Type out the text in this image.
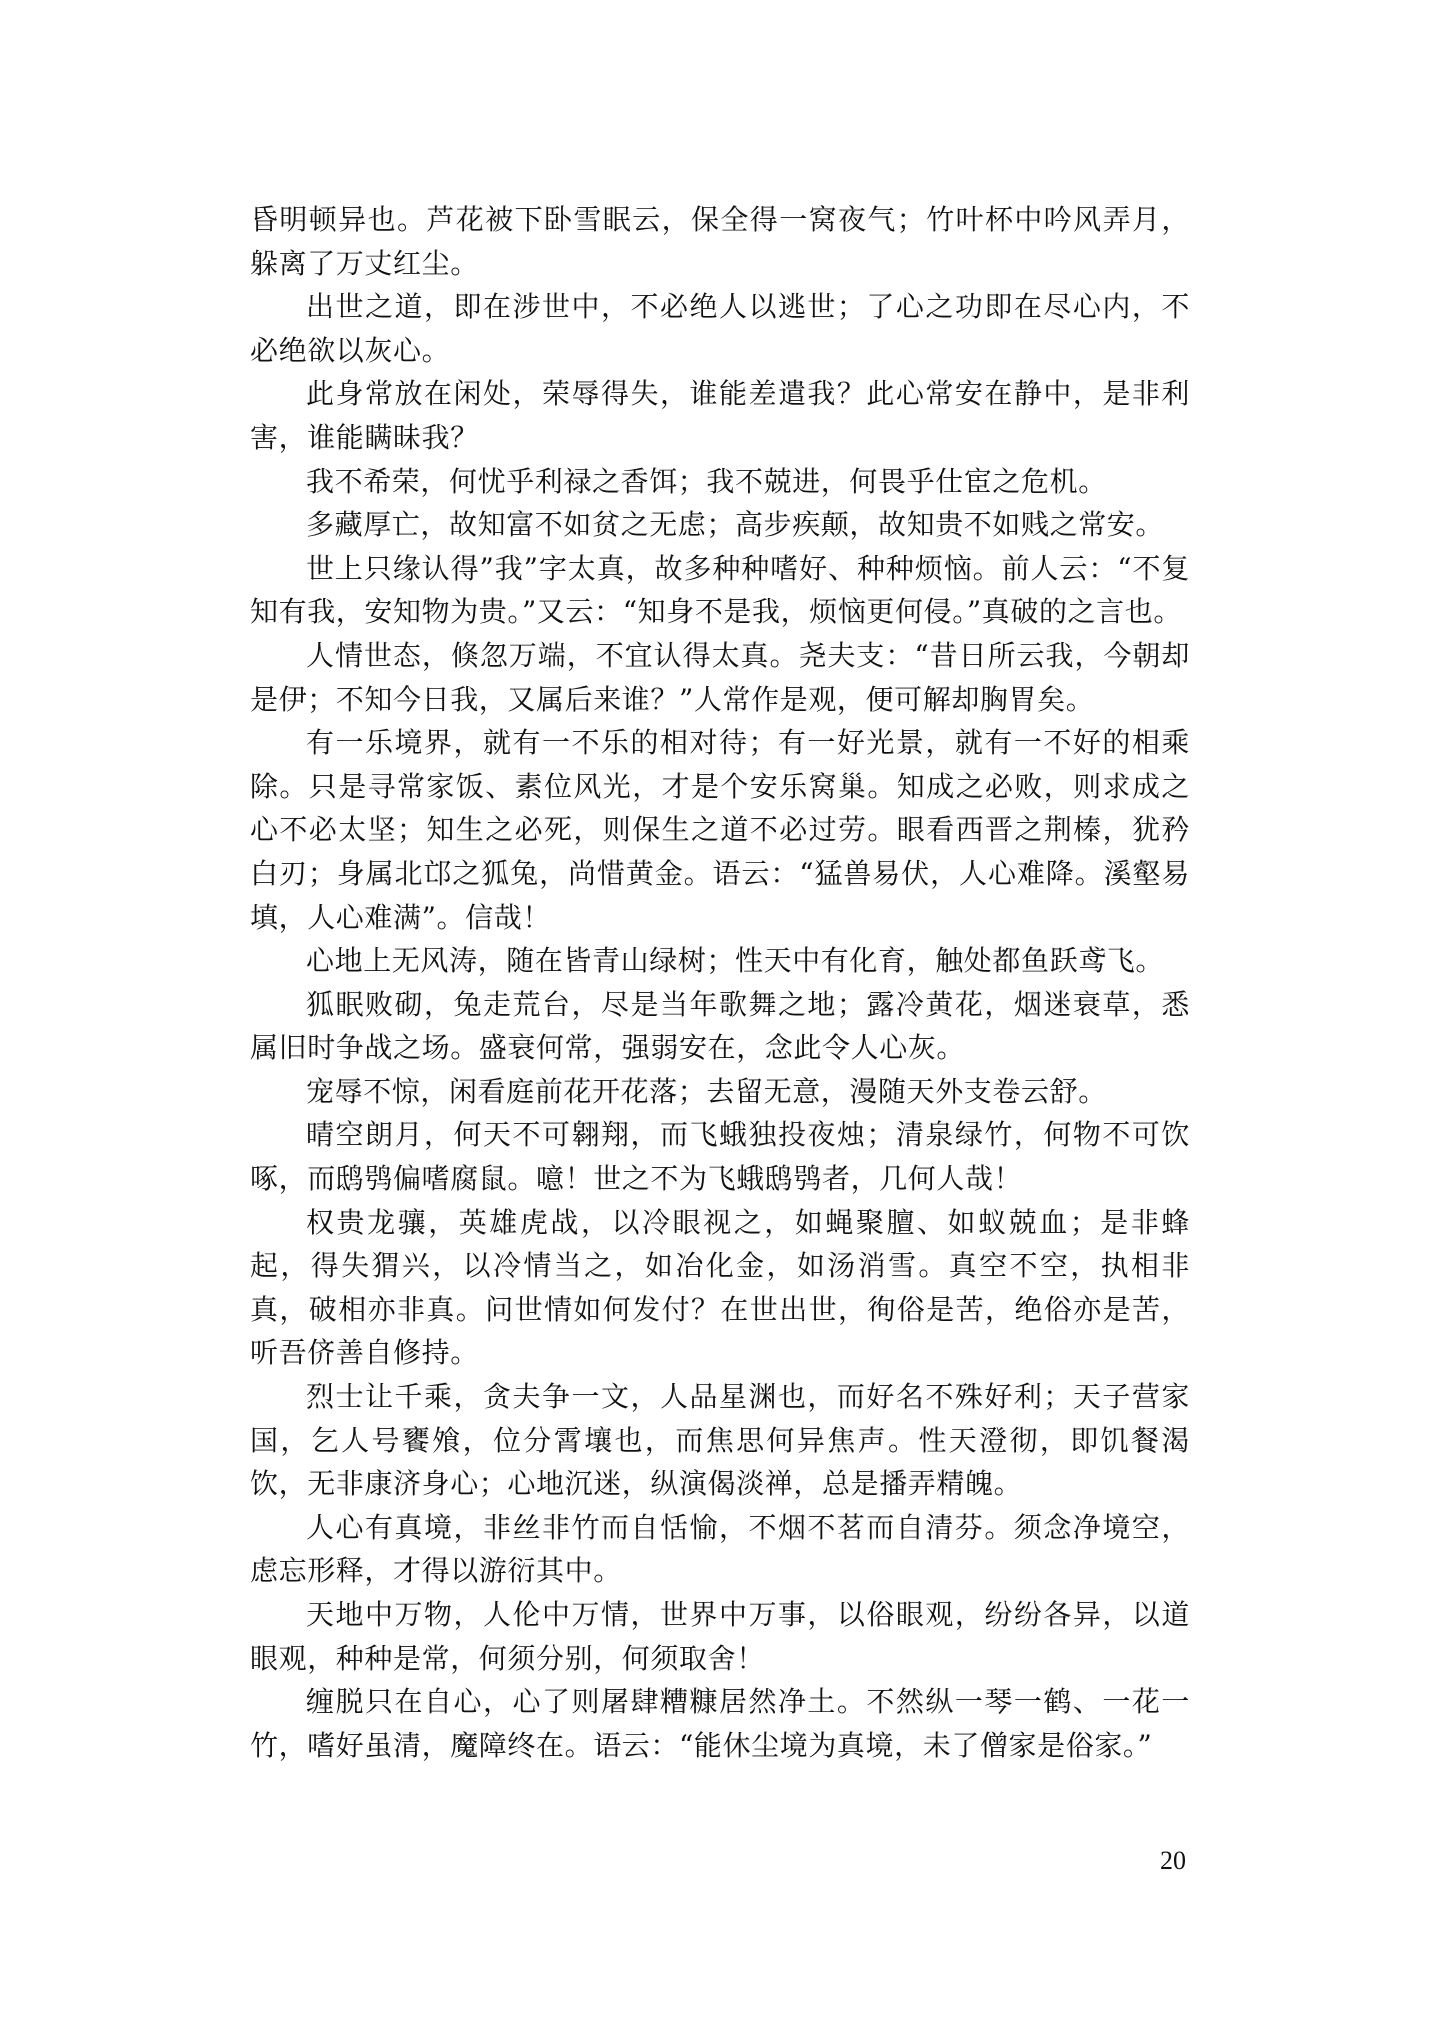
昏明顿异也。芦花被下卧雪眠云，保全得一窝夜气；竹叶杯中吟风弄月，躲离了万丈红尘。

出世之道，即在涉世中，不必绝人以逃世；了心之功即在尽心内，不必绝欲以灰心。

此身常放在闲处，荣辱得失，谁能差遣我？此心常安在静中，是非利害，谁能瞒昧我？

我不希荣，何忧乎利禄之香饵；我不兢进，何畏乎仕宦之危机。

多藏厚亡，故知富不如贫之无虑；高步疾颠，故知贵不如贱之常安。

世上只缘认得”我”字太真，故多种种嗜好、种种烦恼。前人云：“不复知有我，安知物为贵。”又云：“知身不是我，烦恼更何侵。”真破的之言也。

人情世态，倏忽万端，不宜认得太真。尧夫支：“昔日所云我，今朝却是伊；不知今日我，又属后来谁？”人常作是观，便可解却胸胃矣。

有一乐境界，就有一不乐的相对待；有一好光景，就有一不好的相乘除。只是寻常家饭、素位风光，才是个安乐窝巢。知成之必败，则求成之心不必太坚；知生之必死，则保生之道不必过劳。眼看西晋之荆榛，犹矜白刃；身属北邙之狐兔，尚惜黄金。语云：“猛兽易伏，人心难降。溪壑易填，人心难满”。信哉！

心地上无风涛，随在皆青山绿树；性天中有化育，触处都鱼跃鸢飞。

狐眠败砌，兔走荒台，尽是当年歌舞之地；露冷黄花，烟迷衰草，悉属旧时争战之场。盛衰何常，强弱安在，念此令人心灰。

宠辱不惊，闲看庭前花开花落；去留无意，漫随天外支卷云舒。

晴空朗月，何天不可翱翔，而飞蛾独投夜烛；清泉绿竹，何物不可饮啄，而鸱鸮偏嗜腐鼠。噫！世之不为飞蛾鸱鸮者，几何人哉！

权贵龙骧，英雄虎战，以冷眼视之，如蝇聚膻、如蚁兢血；是非蜂起，得失猬兴，以冷情当之，如冶化金，如汤消雪。真空不空，执相非真，破相亦非真。问世情如何发付？在世出世，徇俗是苦，绝俗亦是苦，听吾侪善自修持。

烈士让千乘，贪夫争一文，人品星渊也，而好名不殊好利；天子营家国，乞人号饔飧，位分霄壤也，而焦思何异焦声。性天澄彻，即饥餐渴饮，无非康济身心；心地沉迷，纵演偈淡禅，总是播弄精魄。

人心有真境，非丝非竹而自恬愉，不烟不茗而自清芬。须念净境空，虑忘形释，才得以游衍其中。

天地中万物，人伦中万情，世界中万事，以俗眼观，纷纷各异，以道眼观，种种是常，何须分别，何须取舍！

缠脱只在自心，心了则屠肆糟糠居然净土。不然纵一琴一鹤、一花一竹，嗜好虽清，魔障终在。语云：“能休尘境为真境，未了僧家是俗家。”

20
